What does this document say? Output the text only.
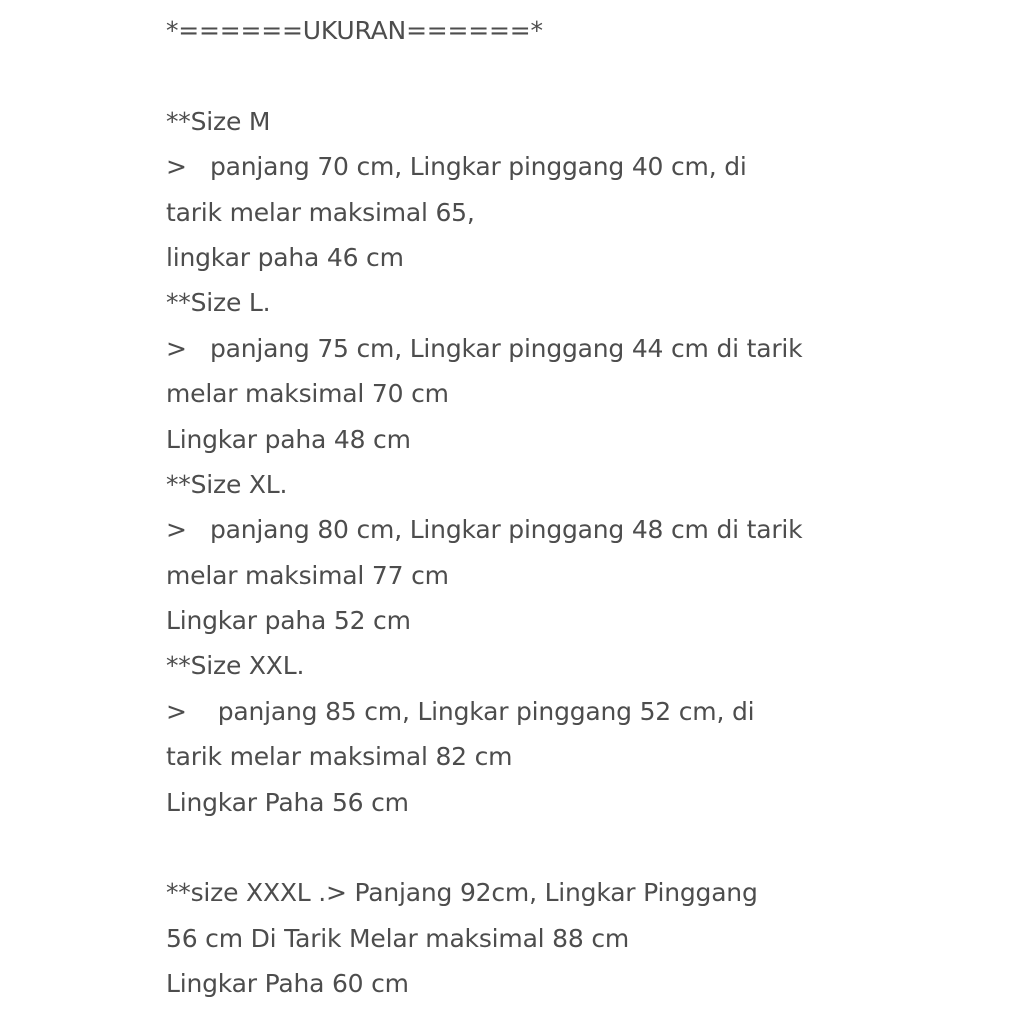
*======UKURAN======*
**Size M
>   panjang 70 cm, Lingkar pinggang 40 cm, di
tarik melar maksimal 65,
lingkar paha 46 cm
**Size L.
>   panjang 75 cm, Lingkar pinggang 44 cm di tarik
melar maksimal 70 cm
Lingkar paha 48 cm
**Size XL.
>   panjang 80 cm, Lingkar pinggang 48 cm di tarik
melar maksimal 77 cm
Lingkar paha 52 cm
**Size XXL.
>    panjang 85 cm, Lingkar pinggang 52 cm, di
tarik melar maksimal 82 cm
Lingkar Paha 56 cm
**size XXXL .> Panjang 92cm, Lingkar Pinggang
56 cm Di Tarik Melar maksimal 88 cm
Lingkar Paha 60 cm
